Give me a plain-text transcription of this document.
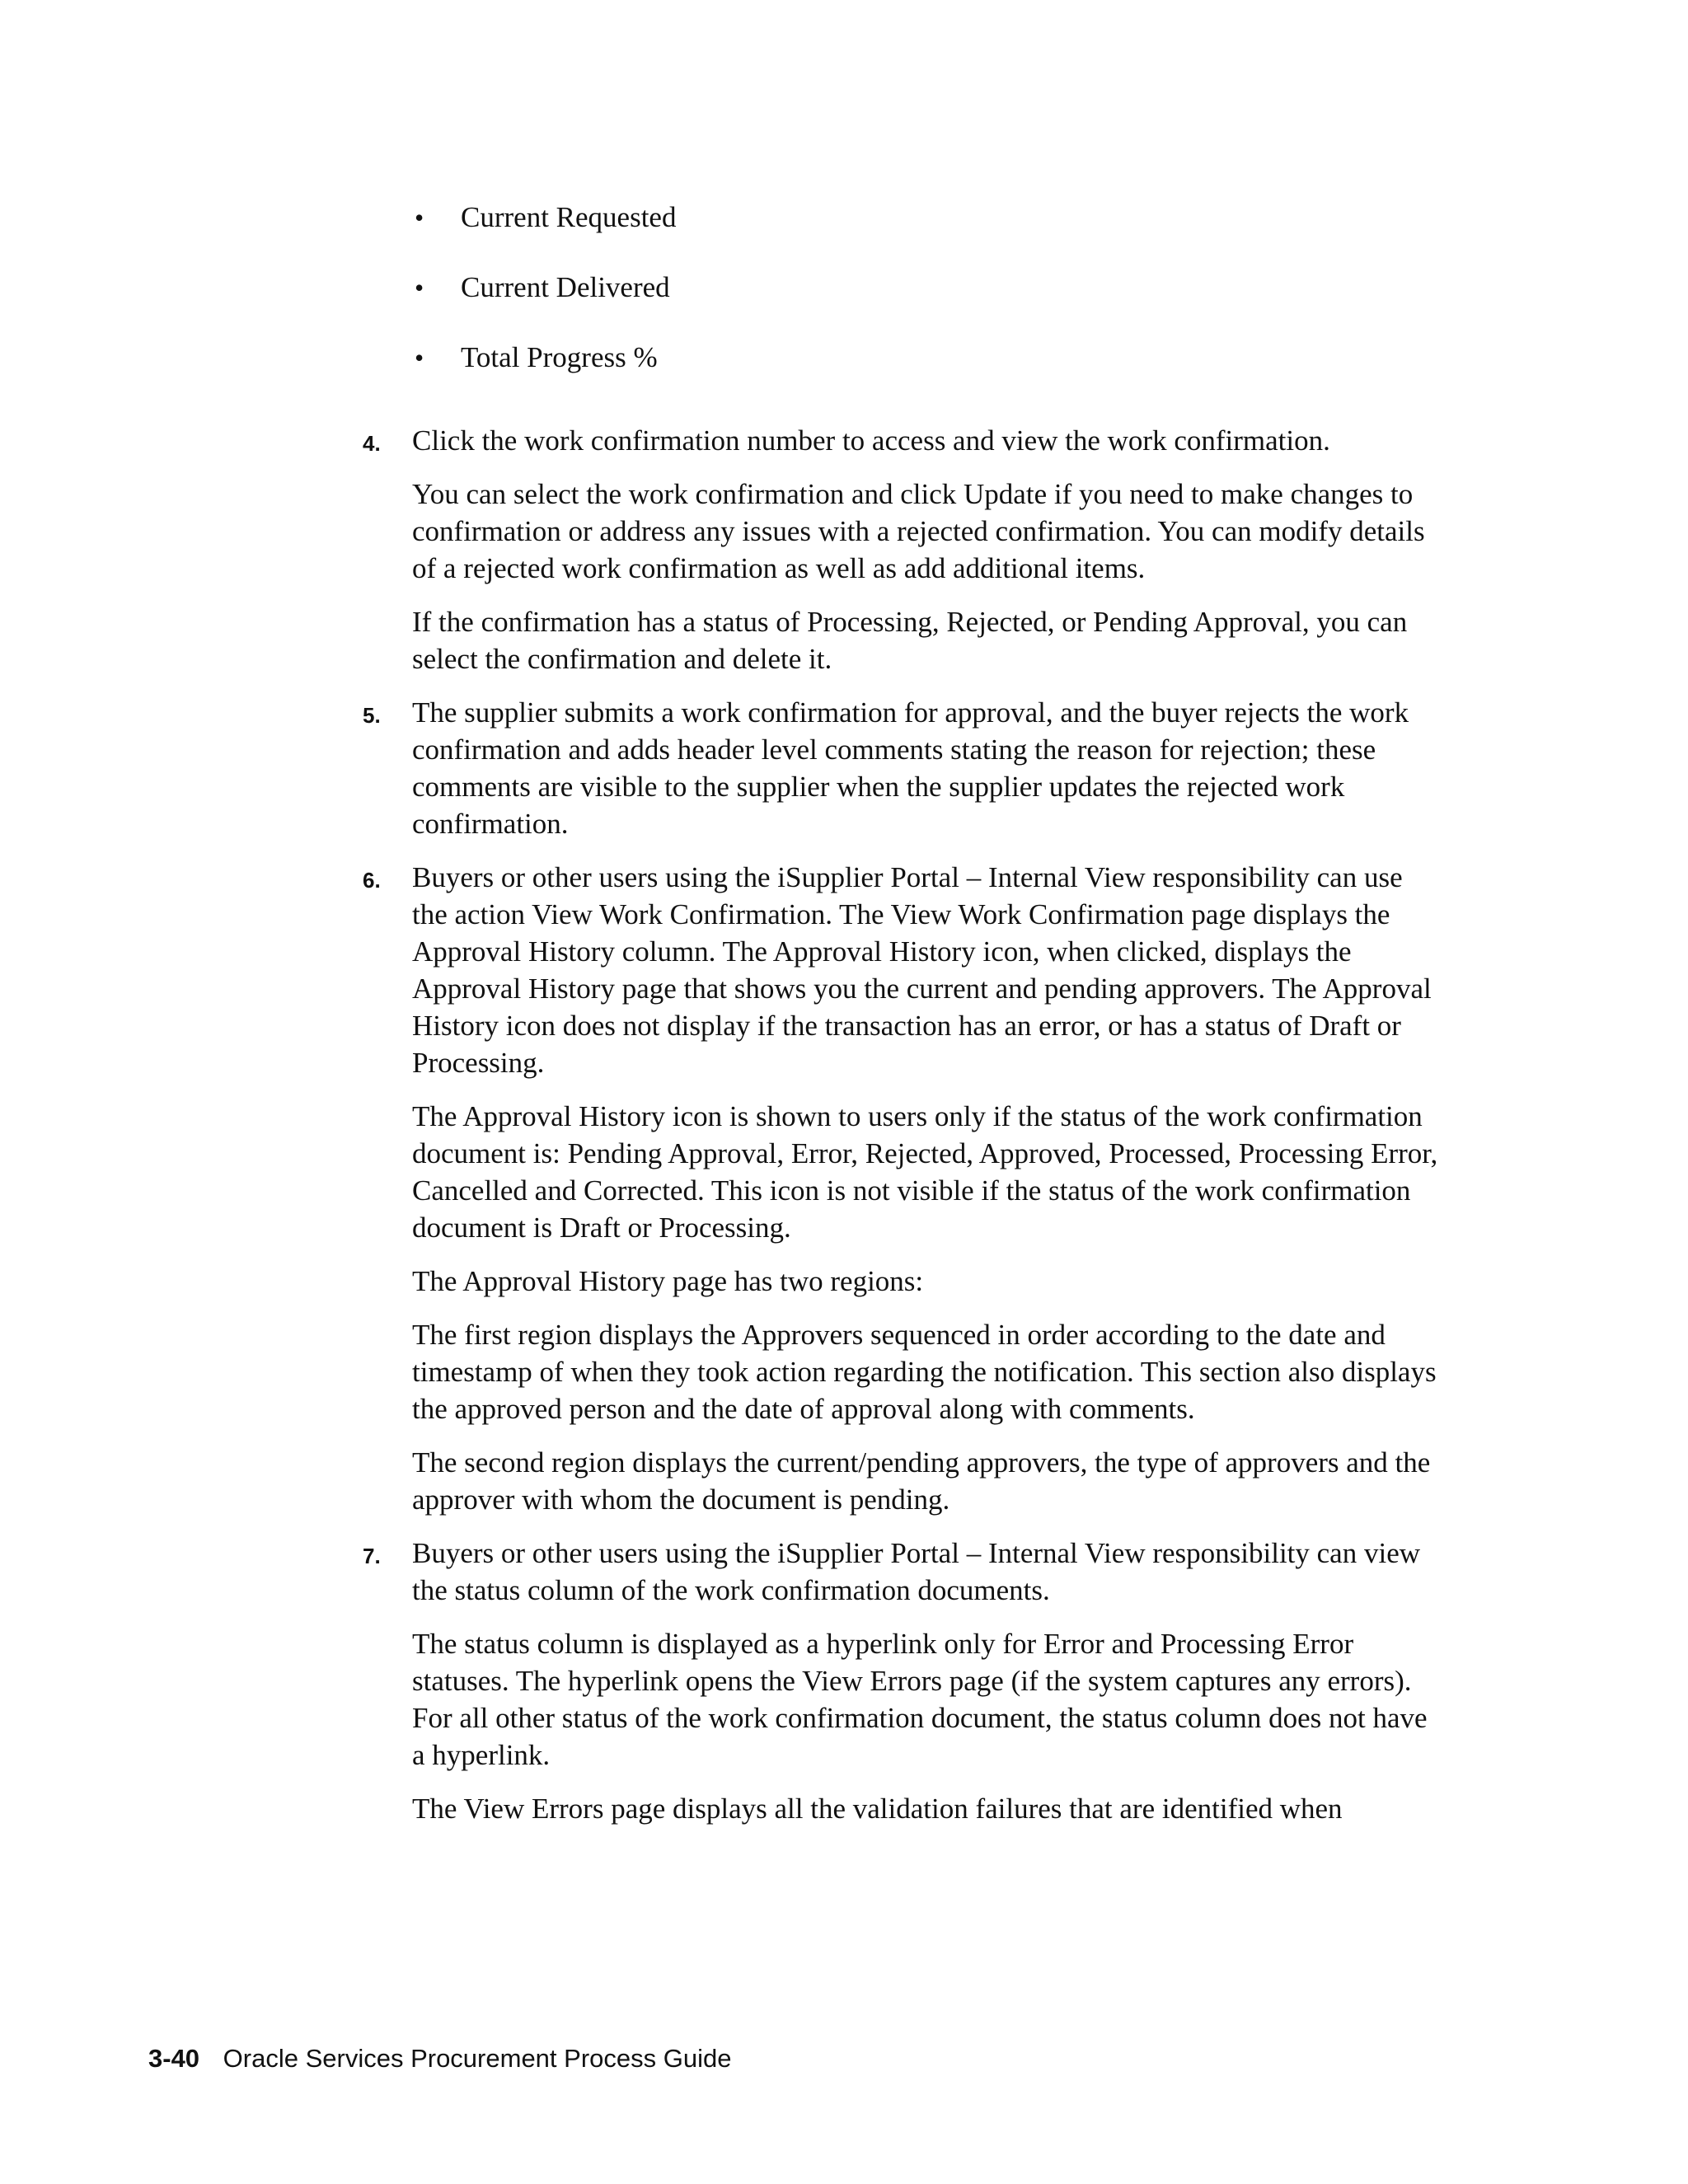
• Current Requested
• Current Delivered
• Total Progress %
4. Click the work confirmation number to access and view the work confirmation.

You can select the work confirmation and click Update if you need to make changes to confirmation or address any issues with a rejected confirmation. You can modify details of a rejected work confirmation as well as add additional items.

If the confirmation has a status of Processing, Rejected, or Pending Approval, you can select the confirmation and delete it.

5. The supplier submits a work confirmation for approval, and the buyer rejects the work confirmation and adds header level comments stating the reason for rejection; these comments are visible to the supplier when the supplier updates the rejected work confirmation.

6. Buyers or other users using the iSupplier Portal – Internal View responsibility can use the action View Work Confirmation. The View Work Confirmation page displays the Approval History column. The Approval History icon, when clicked, displays the Approval History page that shows you the current and pending approvers. The Approval History icon does not display if the transaction has an error, or has a status of Draft or Processing.

The Approval History icon is shown to users only if the status of the work confirmation document is: Pending Approval, Error, Rejected, Approved, Processed, Processing Error, Cancelled and Corrected. This icon is not visible if the status of the work confirmation document is Draft or Processing.

The Approval History page has two regions:

The first region displays the Approvers sequenced in order according to the date and timestamp of when they took action regarding the notification. This section also displays the approved person and the date of approval along with comments.

The second region displays the current/pending approvers, the type of approvers and the approver with whom the document is pending.

7. Buyers or other users using the iSupplier Portal – Internal View responsibility can view the status column of the work confirmation documents.

The status column is displayed as a hyperlink only for Error and Processing Error statuses. The hyperlink opens the View Errors page (if the system captures any errors). For all other status of the work confirmation document, the status column does not have a hyperlink.

The View Errors page displays all the validation failures that are identified when

3-40 Oracle Services Procurement Process Guide
